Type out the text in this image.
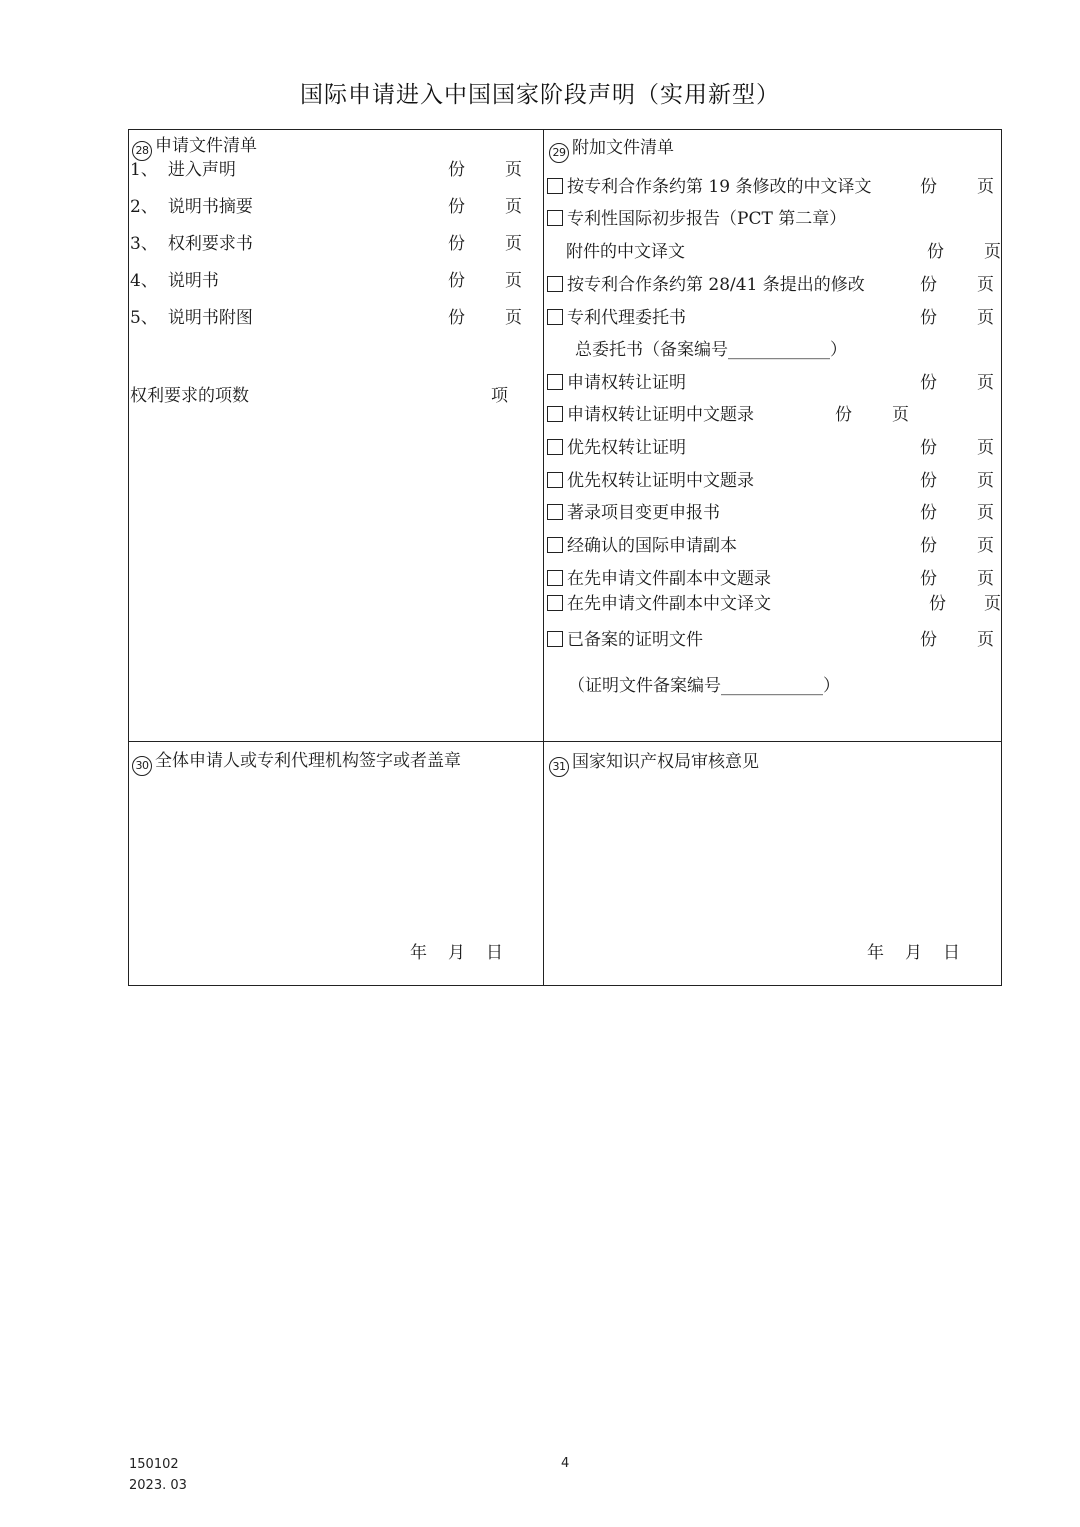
国际申请进入中国国家阶段声明（实用新型）
28 申请文件清单
1、 进入声明	份 页
2、 说明书摘要	份 页
3、 权利要求书	份 页
4、 说明书	份 页
5、 说明书附图	份 页
权利要求的项数	项
29 附加文件清单
按专利合作条约第 19 条修改的中文译文	份 页
专利性国际初步报告（PCT 第二章）
附件的中文译文	份 页
按专利合作条约第 28/41 条提出的修改	份 页
专利代理委托书	份 页
总委托书（备案编号____________）
申请权转让证明	份 页
申请权转让证明中文题录	份 页
优先权转让证明	份 页
优先权转让证明中文题录	份 页
著录项目变更申报书	份 页
经确认的国际申请副本	份 页
在先申请文件副本中文题录	份 页
在先申请文件副本中文译文	份 页
已备案的证明文件	份 页
（证明文件备案编号____________）
30 全体申请人或专利代理机构签字或者盖章
年 月 日
31 国家知识产权局审核意见
年 月 日
150102
2023. 03
4
